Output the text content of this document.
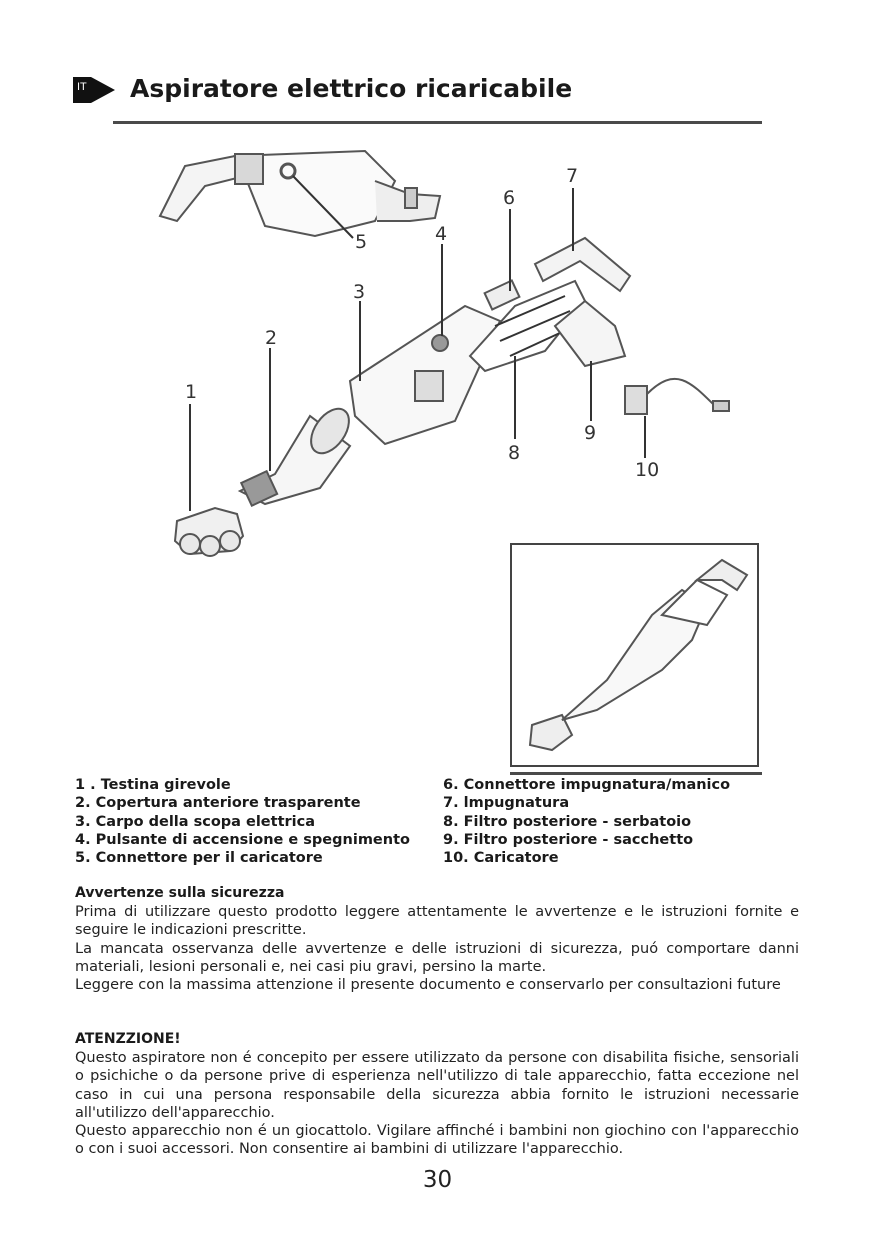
IT Aspiratore elettrico ricaricabile
1
2
3
4
5
6
7
8
9
10
1 . Testina girevole
2. Copertura anteriore trasparente
3. Carpo della scopa elettrica
4. Pulsante di accensione e spegnimento
5. Connettore per il caricatore
6. Connettore impugnatura/manico
7. lmpugnatura
8. Filtro posteriore - serbatoio
9. Filtro posteriore - sacchetto
10. Caricatore
Avvertenze sulla sicurezza

Prima di utilizzare questo prodotto leggere attentamente le avvertenze e le istruzioni fornite e seguire le indicazioni prescritte.

La mancata osservanza delle avvertenze e delle istruzioni di sicurezza, puó comportare danni materiali, lesioni personali e, nei casi piu gravi, persino la marte.

Leggere con la massima attenzione il presente documento e conservarlo per consultazioni future

ATENZZIONE!

Questo aspiratore non é concepito per essere utilizzato da persone con disabilita fisiche, sensoriali o psichiche o da persone prive di esperienza nell'utilizzo di tale apparecchio, fatta eccezione nel caso in cui una persona responsabile della sicurezza abbia fornito le istruzioni necessarie all'utilizzo dell'apparecchio.

Questo apparecchio non é un giocattolo. Vigilare affinché i bambini non giochino con l'apparecchio o con i suoi accessori. Non consentire ai bambini di utilizzare l'apparecchio.

30
